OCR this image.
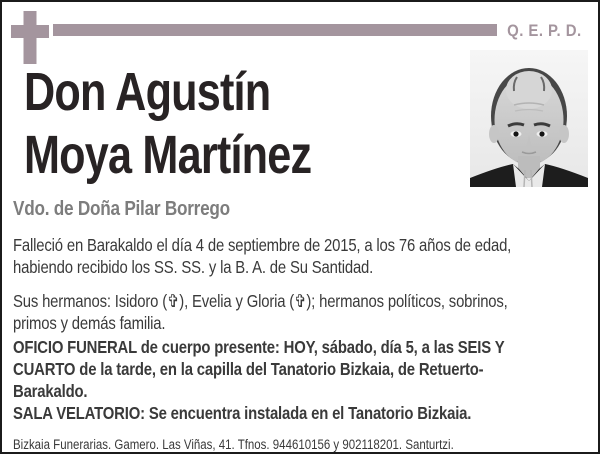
Q. E. P. D.
Don Agustín
Moya Martínez
Vdo. de Doña Pilar Borrego
Falleció en Barakaldo el día 4 de septiembre de 2015, a los 76 años de edad,
habiendo recibido los SS. SS. y la B. A. de Su Santidad.
Sus hermanos: Isidoro (✞), Evelia y Gloria (✞); hermanos políticos, sobrinos,
primos y demás familia.
OFICIO FUNERAL de cuerpo presente: HOY, sábado, día 5, a las SEIS Y
CUARTO de la tarde, en la capilla del Tanatorio Bizkaia, de Retuerto-
Barakaldo.
SALA VELATORIO: Se encuentra instalada en el Tanatorio Bizkaia.
Bizkaia Funerarias. Gamero. Las Viñas, 41. Tfnos. 944610156 y 902118201. Santurtzi.
